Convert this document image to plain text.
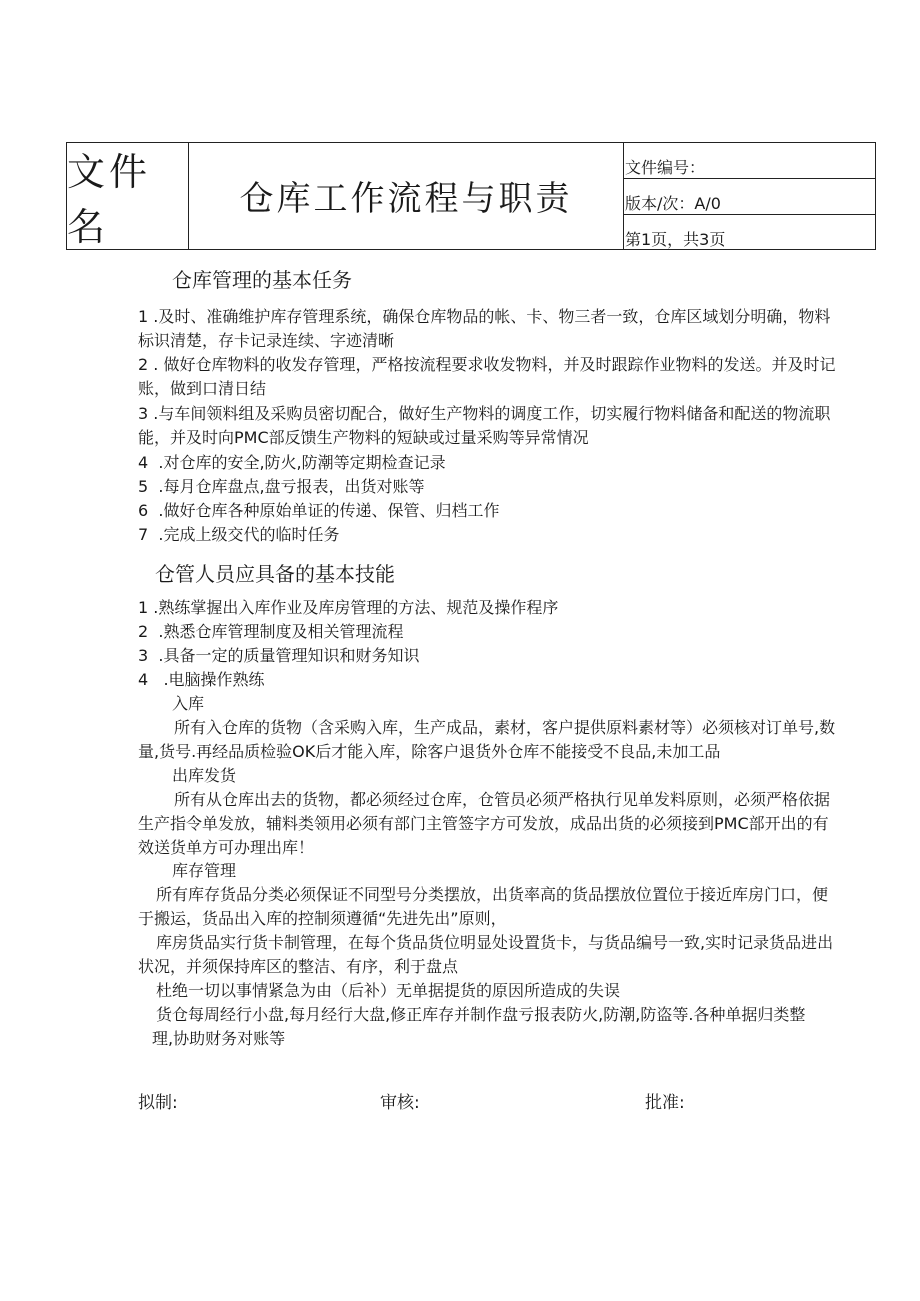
文件名
仓库工作流程与职责
文件编号：
版本/次：A/0
第1页，共3页
仓库管理的基本任务
1 .及时、准确维护库存管理系统，确保仓库物品的帐、卡、物三者一致，仓库区域划分明确，物料
标识清楚，存卡记录连续、字迹清晰
2 . 做好仓库物料的收发存管理，严格按流程要求收发物料，并及时跟踪作业物料的发送。并及时记
账，做到口清日结
3 .与车间领料组及采购员密切配合，做好生产物料的调度工作，切实履行物料储备和配送的物流职
能，并及时向PMC部反馈生产物料的短缺或过量采购等异常情况
4 .对仓库的安全,防火,防潮等定期检查记录
5 .每月仓库盘点,盘亏报表，出货对账等
6 .做好仓库各种原始单证的传递、保管、归档工作
7 .完成上级交代的临时任务
仓管人员应具备的基本技能
1 .熟练掌握出入库作业及库房管理的方法、规范及操作程序
2 .熟悉仓库管理制度及相关管理流程
3 .具备一定的质量管理知识和财务知识
4 .电脑操作熟练
入库
所有入仓库的货物（含采购入库，生产成品，素材，客户提供原料素材等）必须核对订单号,数
量,货号.再经品质检验OK后才能入库，除客户退货外仓库不能接受不良品,未加工品
出库发货
所有从仓库出去的货物，都必须经过仓库，仓管员必须严格执行见单发料原则，必须严格依据
生产指令单发放，辅料类领用必须有部门主管签字方可发放，成品出货的必须接到PMC部开出的有
效送货单方可办理出库！
库存管理
所有库存货品分类必须保证不同型号分类摆放，出货率高的货品摆放位置位于接近库房门口，便
于搬运，货品出入库的控制须遵循“先进先出”原则，
库房货品实行货卡制管理，在每个货品货位明显处设置货卡，与货品编号一致,实时记录货品进出
状况，并须保持库区的整洁、有序，利于盘点
杜绝一切以事情紧急为由（后补）无单据提货的原因所造成的失误
货仓每周经行小盘,每月经行大盘,修正库存并制作盘亏报表防火,防潮,防盗等.各种单据归类整
理,协助财务对账等
拟制:	审核:	批准:
